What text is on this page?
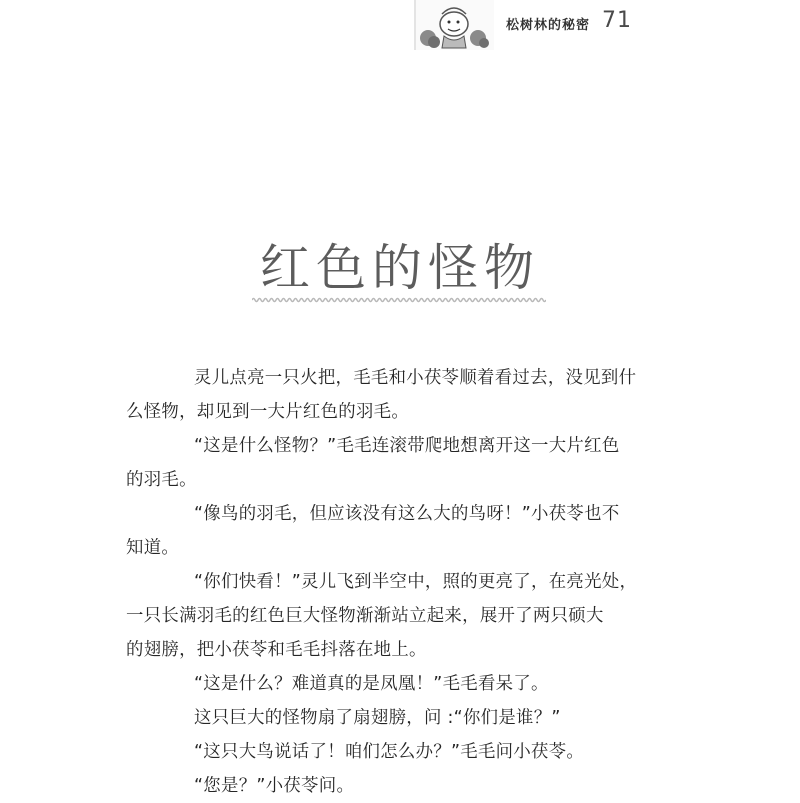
松树林的秘密 71
红色的怪物

灵儿点亮一只火把，毛毛和小茯苓顺着看过去，没见到什
么怪物，却见到一大片红色的羽毛。

“这是什么怪物？”毛毛连滚带爬地想离开这一大片红色
的羽毛。

“像鸟的羽毛，但应该没有这么大的鸟呀！”小茯苓也不
知道。

“你们快看！”灵儿飞到半空中，照的更亮了，在亮光处，
一只长满羽毛的红色巨大怪物渐渐站立起来，展开了两只硕大
的翅膀，把小茯苓和毛毛抖落在地上。

“这是什么？难道真的是凤凰！”毛毛看呆了。

这只巨大的怪物扇了扇翅膀，问 :“你们是谁？”

“这只大鸟说话了！咱们怎么办？”毛毛问小茯苓。

“您是？”小茯苓问。
